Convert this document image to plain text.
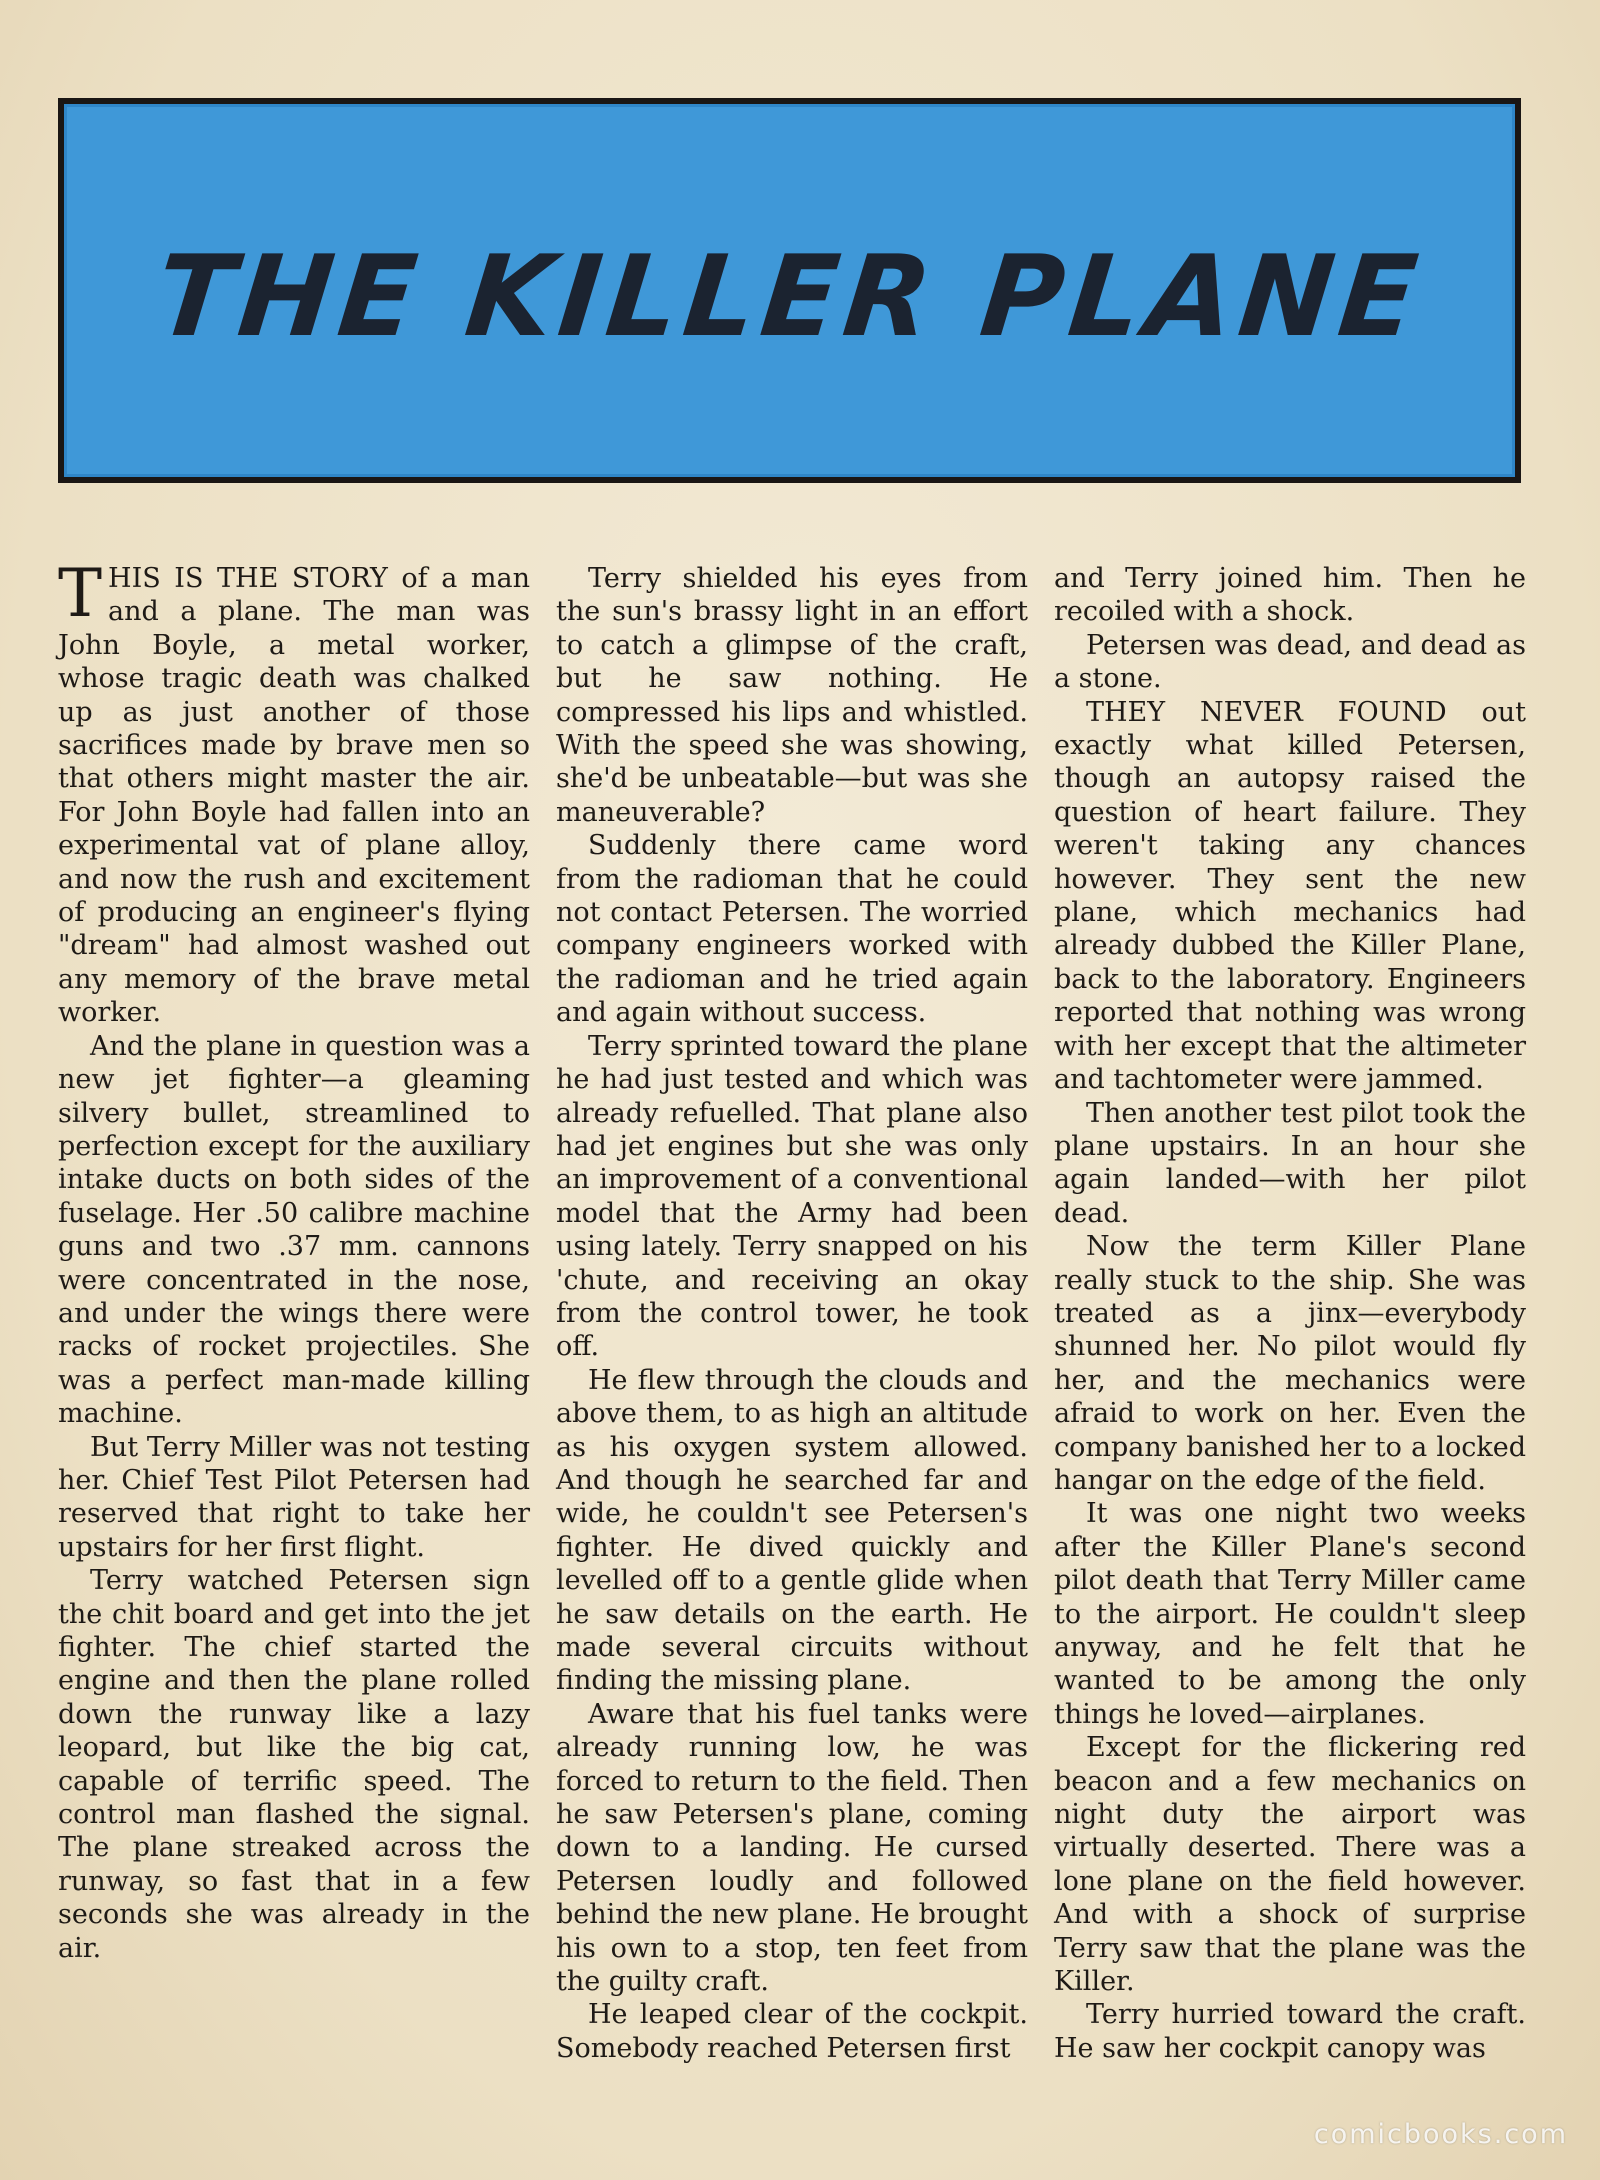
THE KILLER PLANE

THIS IS THE STORY of a man and a plane. The man was John Boyle, a metal worker, whose tragic death was chalked up as just another of those sacrifices made by brave men so that others might master the air. For John Boyle had fallen into an experimental vat of plane alloy, and now the rush and excitement of producing an engineer's flying "dream" had almost washed out any memory of the brave metal worker.

And the plane in question was a new jet fighter—a gleaming silvery bullet, streamlined to perfection except for the auxiliary intake ducts on both sides of the fuselage. Her .50 calibre machine guns and two .37 mm. cannons were concentrated in the nose, and under the wings there were racks of rocket projectiles. She was a perfect man-made killing machine.

But Terry Miller was not testing her. Chief Test Pilot Petersen had reserved that right to take her upstairs for her first flight.

Terry watched Petersen sign the chit board and get into the jet fighter. The chief started the engine and then the plane rolled down the runway like a lazy leopard, but like the big cat, capable of terrific speed. The control man flashed the signal. The plane streaked across the runway, so fast that in a few seconds she was already in the air.

Terry shielded his eyes from the sun's brassy light in an effort to catch a glimpse of the craft, but he saw nothing. He compressed his lips and whistled. With the speed she was showing, she'd be unbeatable—but was she maneuverable?

Suddenly there came word from the radioman that he could not contact Petersen. The worried company engineers worked with the radioman and he tried again and again without success.

Terry sprinted toward the plane he had just tested and which was already refuelled. That plane also had jet engines but she was only an improvement of a conventional model that the Army had been using lately. Terry snapped on his 'chute, and receiving an okay from the control tower, he took off.

He flew through the clouds and above them, to as high an altitude as his oxygen system allowed. And though he searched far and wide, he couldn't see Petersen's fighter. He dived quickly and levelled off to a gentle glide when he saw details on the earth. He made several circuits without finding the missing plane.

Aware that his fuel tanks were already running low, he was forced to return to the field. Then he saw Petersen's plane, coming down to a landing. He cursed Petersen loudly and followed behind the new plane. He brought his own to a stop, ten feet from the guilty craft.

He leaped clear of the cockpit. Somebody reached Petersen first

and Terry joined him. Then he recoiled with a shock.

Petersen was dead, and dead as a stone.

THEY NEVER FOUND out exactly what killed Petersen, though an autopsy raised the question of heart failure. They weren't taking any chances however. They sent the new plane, which mechanics had already dubbed the Killer Plane, back to the laboratory. Engineers reported that nothing was wrong with her except that the altimeter and tachtometer were jammed.

Then another test pilot took the plane upstairs. In an hour she again landed—with her pilot dead.

Now the term Killer Plane really stuck to the ship. She was treated as a jinx—everybody shunned her. No pilot would fly her, and the mechanics were afraid to work on her. Even the company banished her to a locked hangar on the edge of the field.

It was one night two weeks after the Killer Plane's second pilot death that Terry Miller came to the airport. He couldn't sleep anyway, and he felt that he wanted to be among the only things he loved—airplanes.

Except for the flickering red beacon and a few mechanics on night duty the airport was virtually deserted. There was a lone plane on the field however. And with a shock of surprise Terry saw that the plane was the Killer.

Terry hurried toward the craft. He saw her cockpit canopy was

comicbooks.com
